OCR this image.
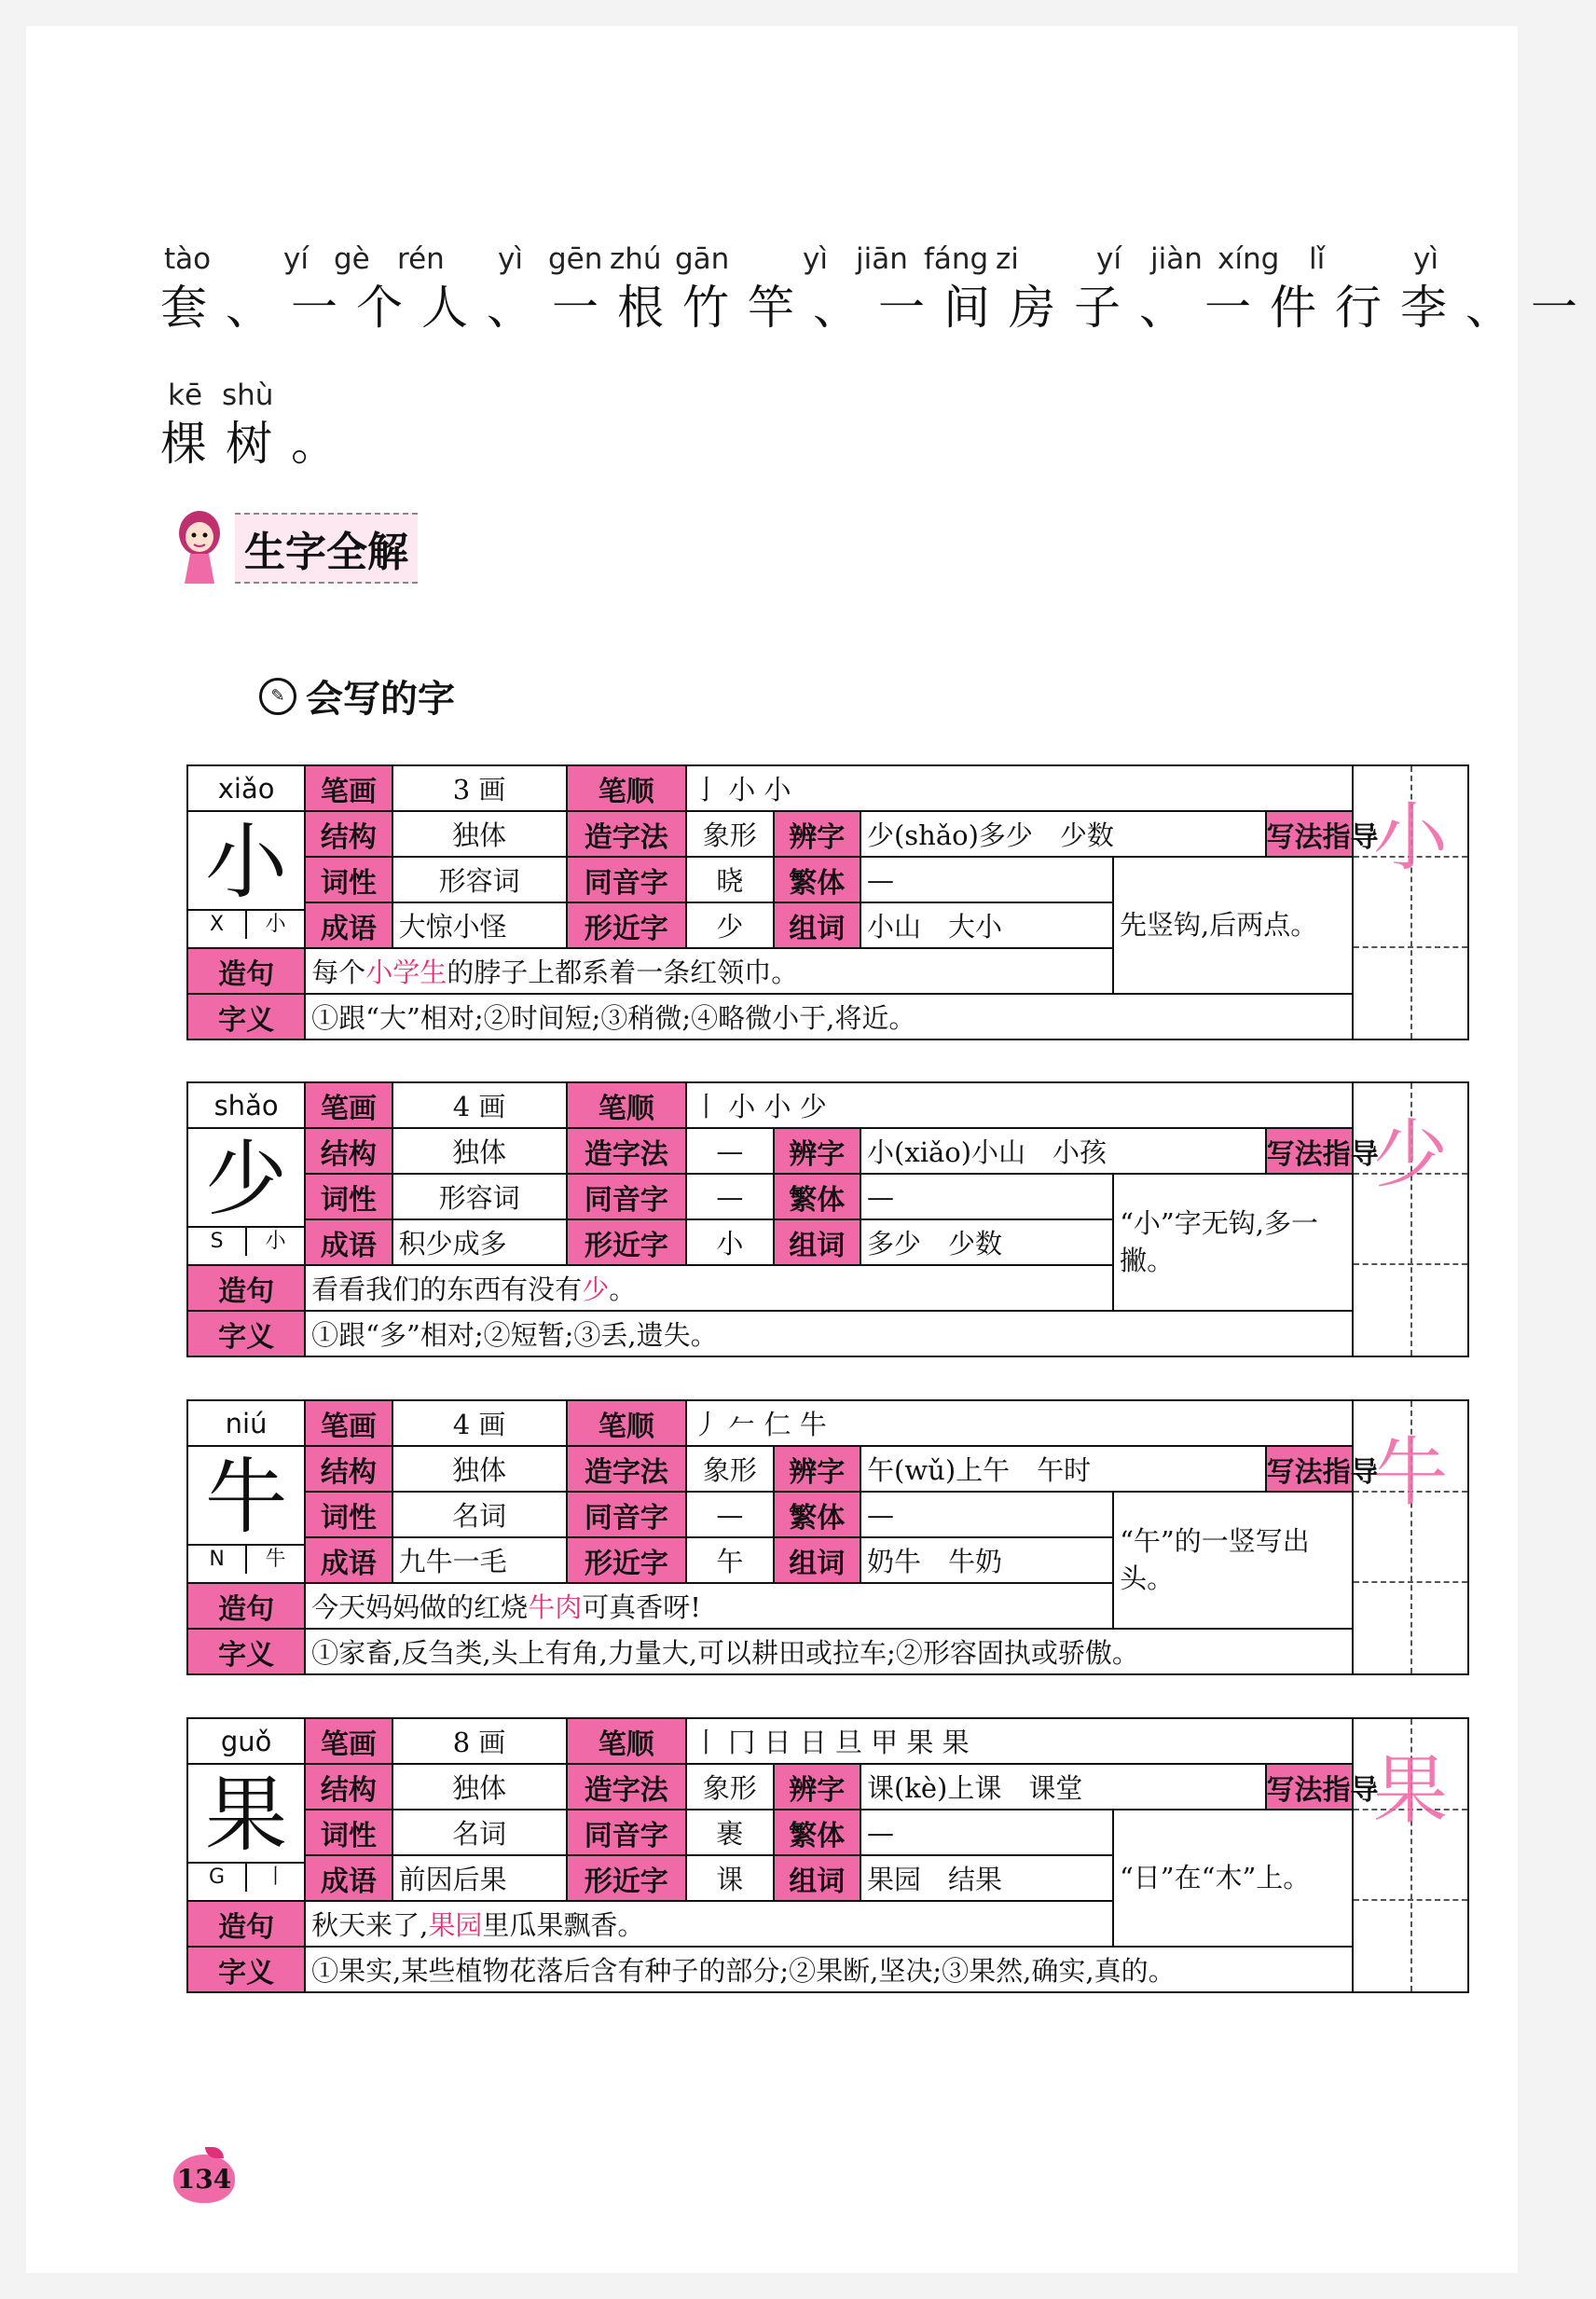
tào	yí gè rén yì gēn zhú gān	yì jiān fáng zi	yí jiàn xíng lǐ	yì
套、一个人、一根竹竿、一间房子、一件行李、一
kē shù
棵树。
生字全解
✎ 会写的字
xiǎo	笔画	3 画	笔顺	亅 小 小					小

小
X 小	结构	独体	造字法	象形	辨字	少(shǎo)多少　少数		写法指导	
	词性	形容词	同音字	晓	繁体	—	先竖钩,后两点。		
	成语	大惊小怪	形近字	少	组词	小山　大小			
造句	每个小学生的脖子上都系着一条红领巾。								
字义	①跟“大”相对;②时间短;③稍微;④略微小于,将近。								
shǎo	笔画	4 画	笔顺	丨 小 小 少					少

少
S 小	结构	独体	造字法	—	辨字	小(xiǎo)小山　小孩		写法指导	
	词性	形容词	同音字	—	繁体	—	“小”字无钩,多一撇。		
	成语	积少成多	形近字	小	组词	多少　少数			
造句	看看我们的东西有没有少。								
字义	①跟“多”相对;②短暂;③丢,遗失。								
niú	笔画	4 画	笔顺	丿 𠂉 仁 牛					牛

牛
N 牛	结构	独体	造字法	象形	辨字	午(wǔ)上午　午时		写法指导	
	词性	名词	同音字	—	繁体	—	“午”的一竖写出头。		
	成语	九牛一毛	形近字	午	组词	奶牛　牛奶			
造句	今天妈妈做的红烧牛肉可真香呀!								
字义	①家畜,反刍类,头上有角,力量大,可以耕田或拉车;②形容固执或骄傲。								
guǒ	笔画	8 画	笔顺	丨 冂 日 日 旦 甲 果 果					果

果
G 丨	结构	独体	造字法	象形	辨字	课(kè)上课　课堂		写法指导	
	词性	名词	同音字	裹	繁体	—	“日”在“木”上。		
	成语	前因后果	形近字	课	组词	果园　结果			
造句	秋天来了,果园里瓜果飘香。								
字义	①果实,某些植物花落后含有种子的部分;②果断,坚决;③果然,确实,真的。								
134
